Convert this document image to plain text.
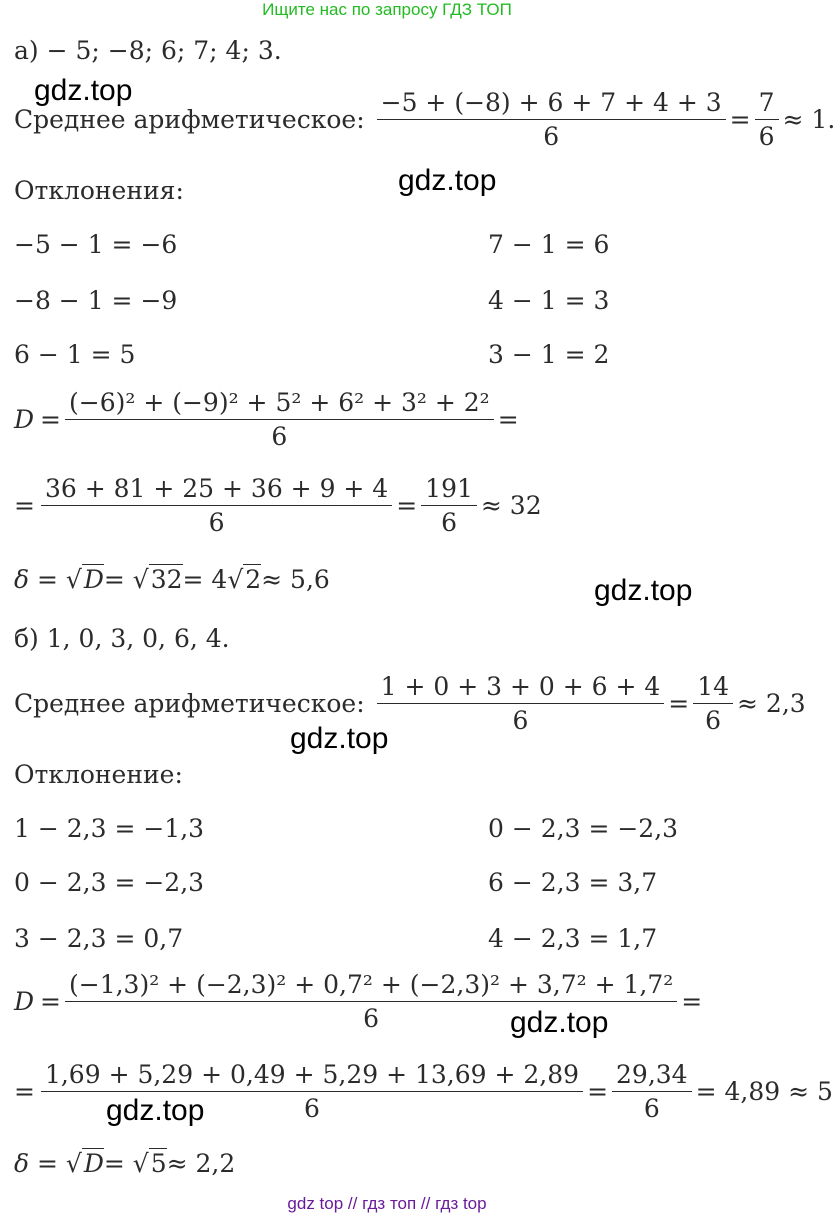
Ищите нас по запросу ГДЗ ТОП
а) − 5; −8; 6; 7; 4; 3.
gdz.top
Среднее арифметическое: $\frac{-5 + (-8) + 6 + 7 + 4 + 3}{6} = \frac{7}{6} \approx 1$.
gdz.top
Отклонения:
−5 − 1 = −6
−8 − 1 = −9
6 − 1 = 5
7 − 1 = 6
4 − 1 = 3
3 − 1 = 2
$D = \frac{\text{(−6)² + (−9)² + 5² + 6² + 3² + 2²}}{6}$ =
= $\frac{36 + 81 + 25 + 36 + 9 + 4}{6} = \frac{191}{6} \approx 32$
δ = √ D = √ 32 = 4√ 2 ≈ 5,6	gdz.top
б) 1, 0, 3, 0, 6, 4.
Среднее арифметическое: $\frac{1 + 0 + 3 + 0 + 6 + 4}{6} = \frac{14}{6} \approx 2,3$
gdz.top
Отклонение:
1 − 2,3 = −1,3
0 − 2,3 = −2,3
3 − 2,3 = 0,7
0 − 2,3 = −2,3
6 − 2,3 = 3,7
4 − 2,3 = 1,7
$D = \frac{\text{(−1,3)² + (−2,3)² + 0,7² + (−2,3)² + 3,7² + 1,7²}}{6}$ =
gdz.top
= $\frac{1,69 + 5,29 + 0,49 + 5,29 + 13,69 + 2,89}{6} = \frac{29,34}{6} = 4,89 \approx 5$
gdz.top
δ = √ D = √ 5 ≈ 2,2
gdz top // гдз топ // гдз top
